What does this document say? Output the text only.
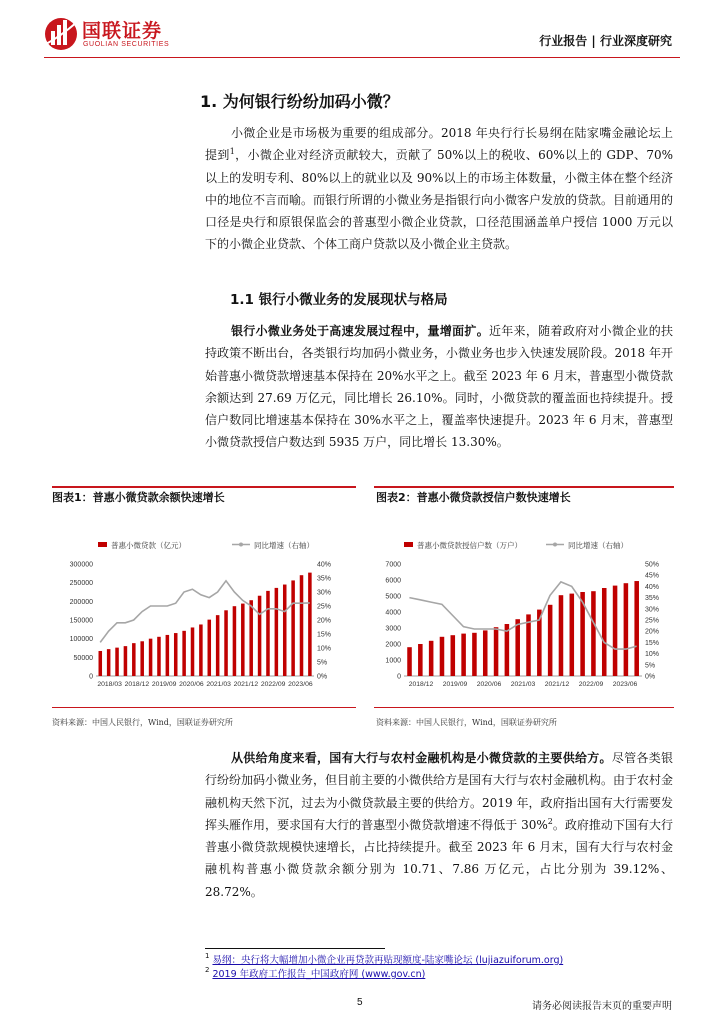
国联证券
GUOLIAN SECURITIES	行业报告 | 行业深度研究
1. 为何银行纷纷加码小微？
小微企业是市场极为重要的组成部分。2018 年央行行长易纲在陆家嘴金融论坛上提到$^1$，小微企业对经济贡献较大，贡献了 50%以上的税收、60%以上的 GDP、70%以上的发明专利、80%以上的就业以及 90%以上的市场主体数量，小微主体在整个经济中的地位不言而喻。而银行所谓的小微业务是指银行向小微客户发放的贷款。目前通用的口径是央行和原银保监会的普惠型小微企业贷款，口径范围涵盖单户授信 1000 万元以下的小微企业贷款、个体工商户贷款以及小微企业主贷款。
1.1 银行小微业务的发展现状与格局
银行小微业务处于高速发展过程中，量增面扩。近年来，随着政府对小微企业的扶持政策不断出台，各类银行均加码小微业务，小微业务也步入快速发展阶段。2018 年开始普惠小微贷款增速基本保持在 20%水平之上。截至 2023 年 6 月末，普惠型小微贷款余额达到 27.69 万亿元，同比增长 26.10%。同时，小微贷款的覆盖面也持续提升。授信户数同比增速基本保持在 30%水平之上，覆盖率快速提升。2023 年 6 月末，普惠型小微贷款授信户数达到 5935 万户，同比增长 13.30%。
图表1：普惠小微贷款余额快速增长
普惠小微贷款（亿元）	同比增速（右轴）
0
50000
100000
150000
200000
250000
300000
0%
5%
10%
15%
20%
25%
30%
35%
40%
2018/03 2018/12 2019/09 2020/06 2021/03 2021/12 2022/09 2023/06
资料来源：中国人民银行，Wind，国联证券研究所
图表2：普惠小微贷款授信户数快速增长
普惠小微贷款授信户数（万户）	同比增速（右轴）
0
1000
2000
3000
4000
5000
6000
7000
0%
5%
10%
15%
20%
25%
30%
35%
40%
45%
50%
2018/12 2019/09 2020/06 2021/03 2021/12 2022/09 2023/06
资料来源：中国人民银行，Wind，国联证券研究所
从供给角度来看，国有大行与农村金融机构是小微贷款的主要供给方。尽管各类银行纷纷加码小微业务，但目前主要的小微供给方是国有大行与农村金融机构。由于农村金融机构天然下沉，过去为小微贷款最主要的供给方。2019 年，政府指出国有大行需要发挥头雁作用，要求国有大行的普惠型小微贷款增速不得低于 30%$^2$。政府推动下国有大行普惠小微贷款规模快速增长，占比持续提升。截至 2023 年 6 月末，国有大行与农村金融机构普惠小微贷款余额分别为 10.71、7.86 万亿元，占比分别为 39.12%、28.72%。
$^1$ 易纲：央行将大幅增加小微企业再贷款再贴现额度-陆家嘴论坛 (lujiazuiforum.org)
$^2$ 2019 年政府工作报告_中国政府网 (www.gov.cn)
5	请务必阅读报告末页的重要声明
